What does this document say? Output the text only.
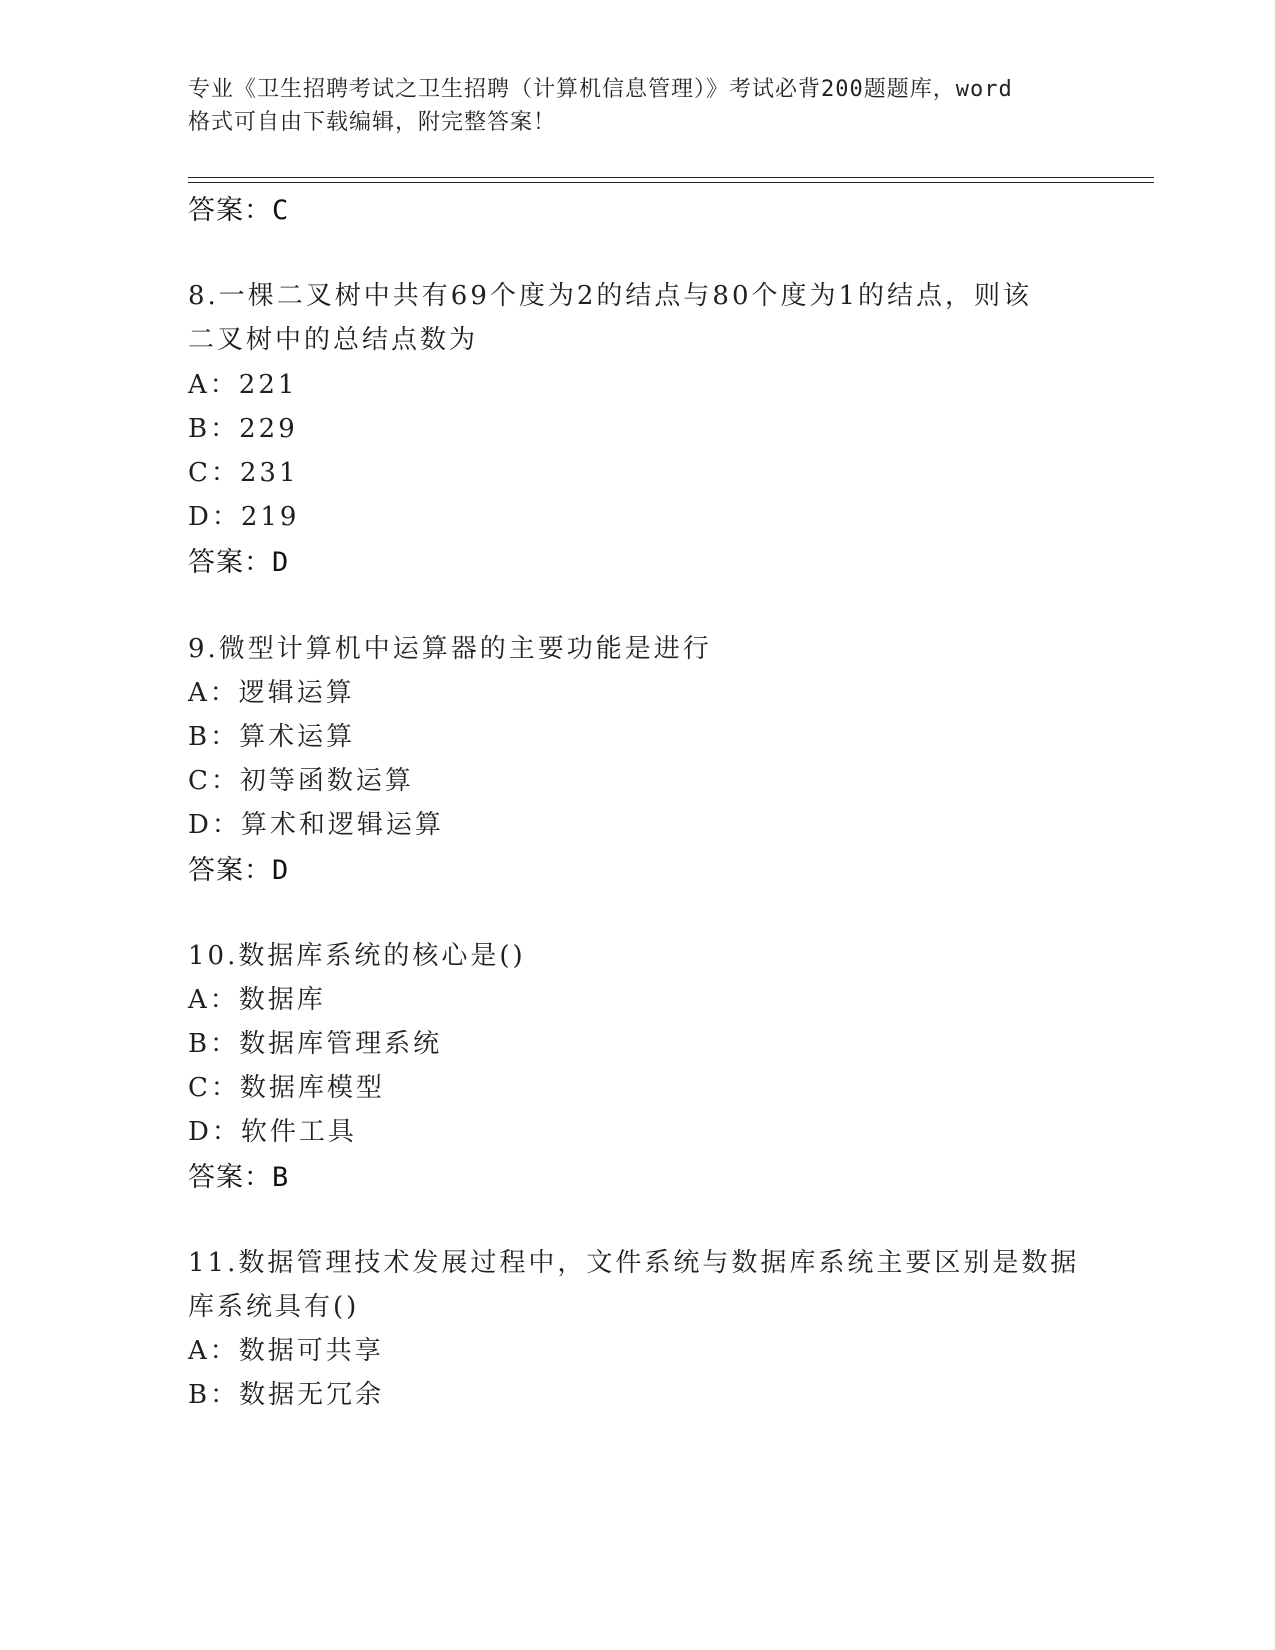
专业《卫生招聘考试之卫生招聘（计算机信息管理）》考试必背200题题库，word
格式可自由下载编辑，附完整答案！
答案：C
8.一棵二叉树中共有69个度为2的结点与80个度为1的结点，则该
二叉树中的总结点数为
A：221
B：229
C：231
D：219
答案：D
9.微型计算机中运算器的主要功能是进行
A：逻辑运算
B：算术运算
C：初等函数运算
D：算术和逻辑运算
答案：D
10.数据库系统的核心是()
A：数据库
B：数据库管理系统
C：数据库模型
D：软件工具
答案：B
11.数据管理技术发展过程中，文件系统与数据库系统主要区别是数据
库系统具有()
A：数据可共享
B：数据无冗余
